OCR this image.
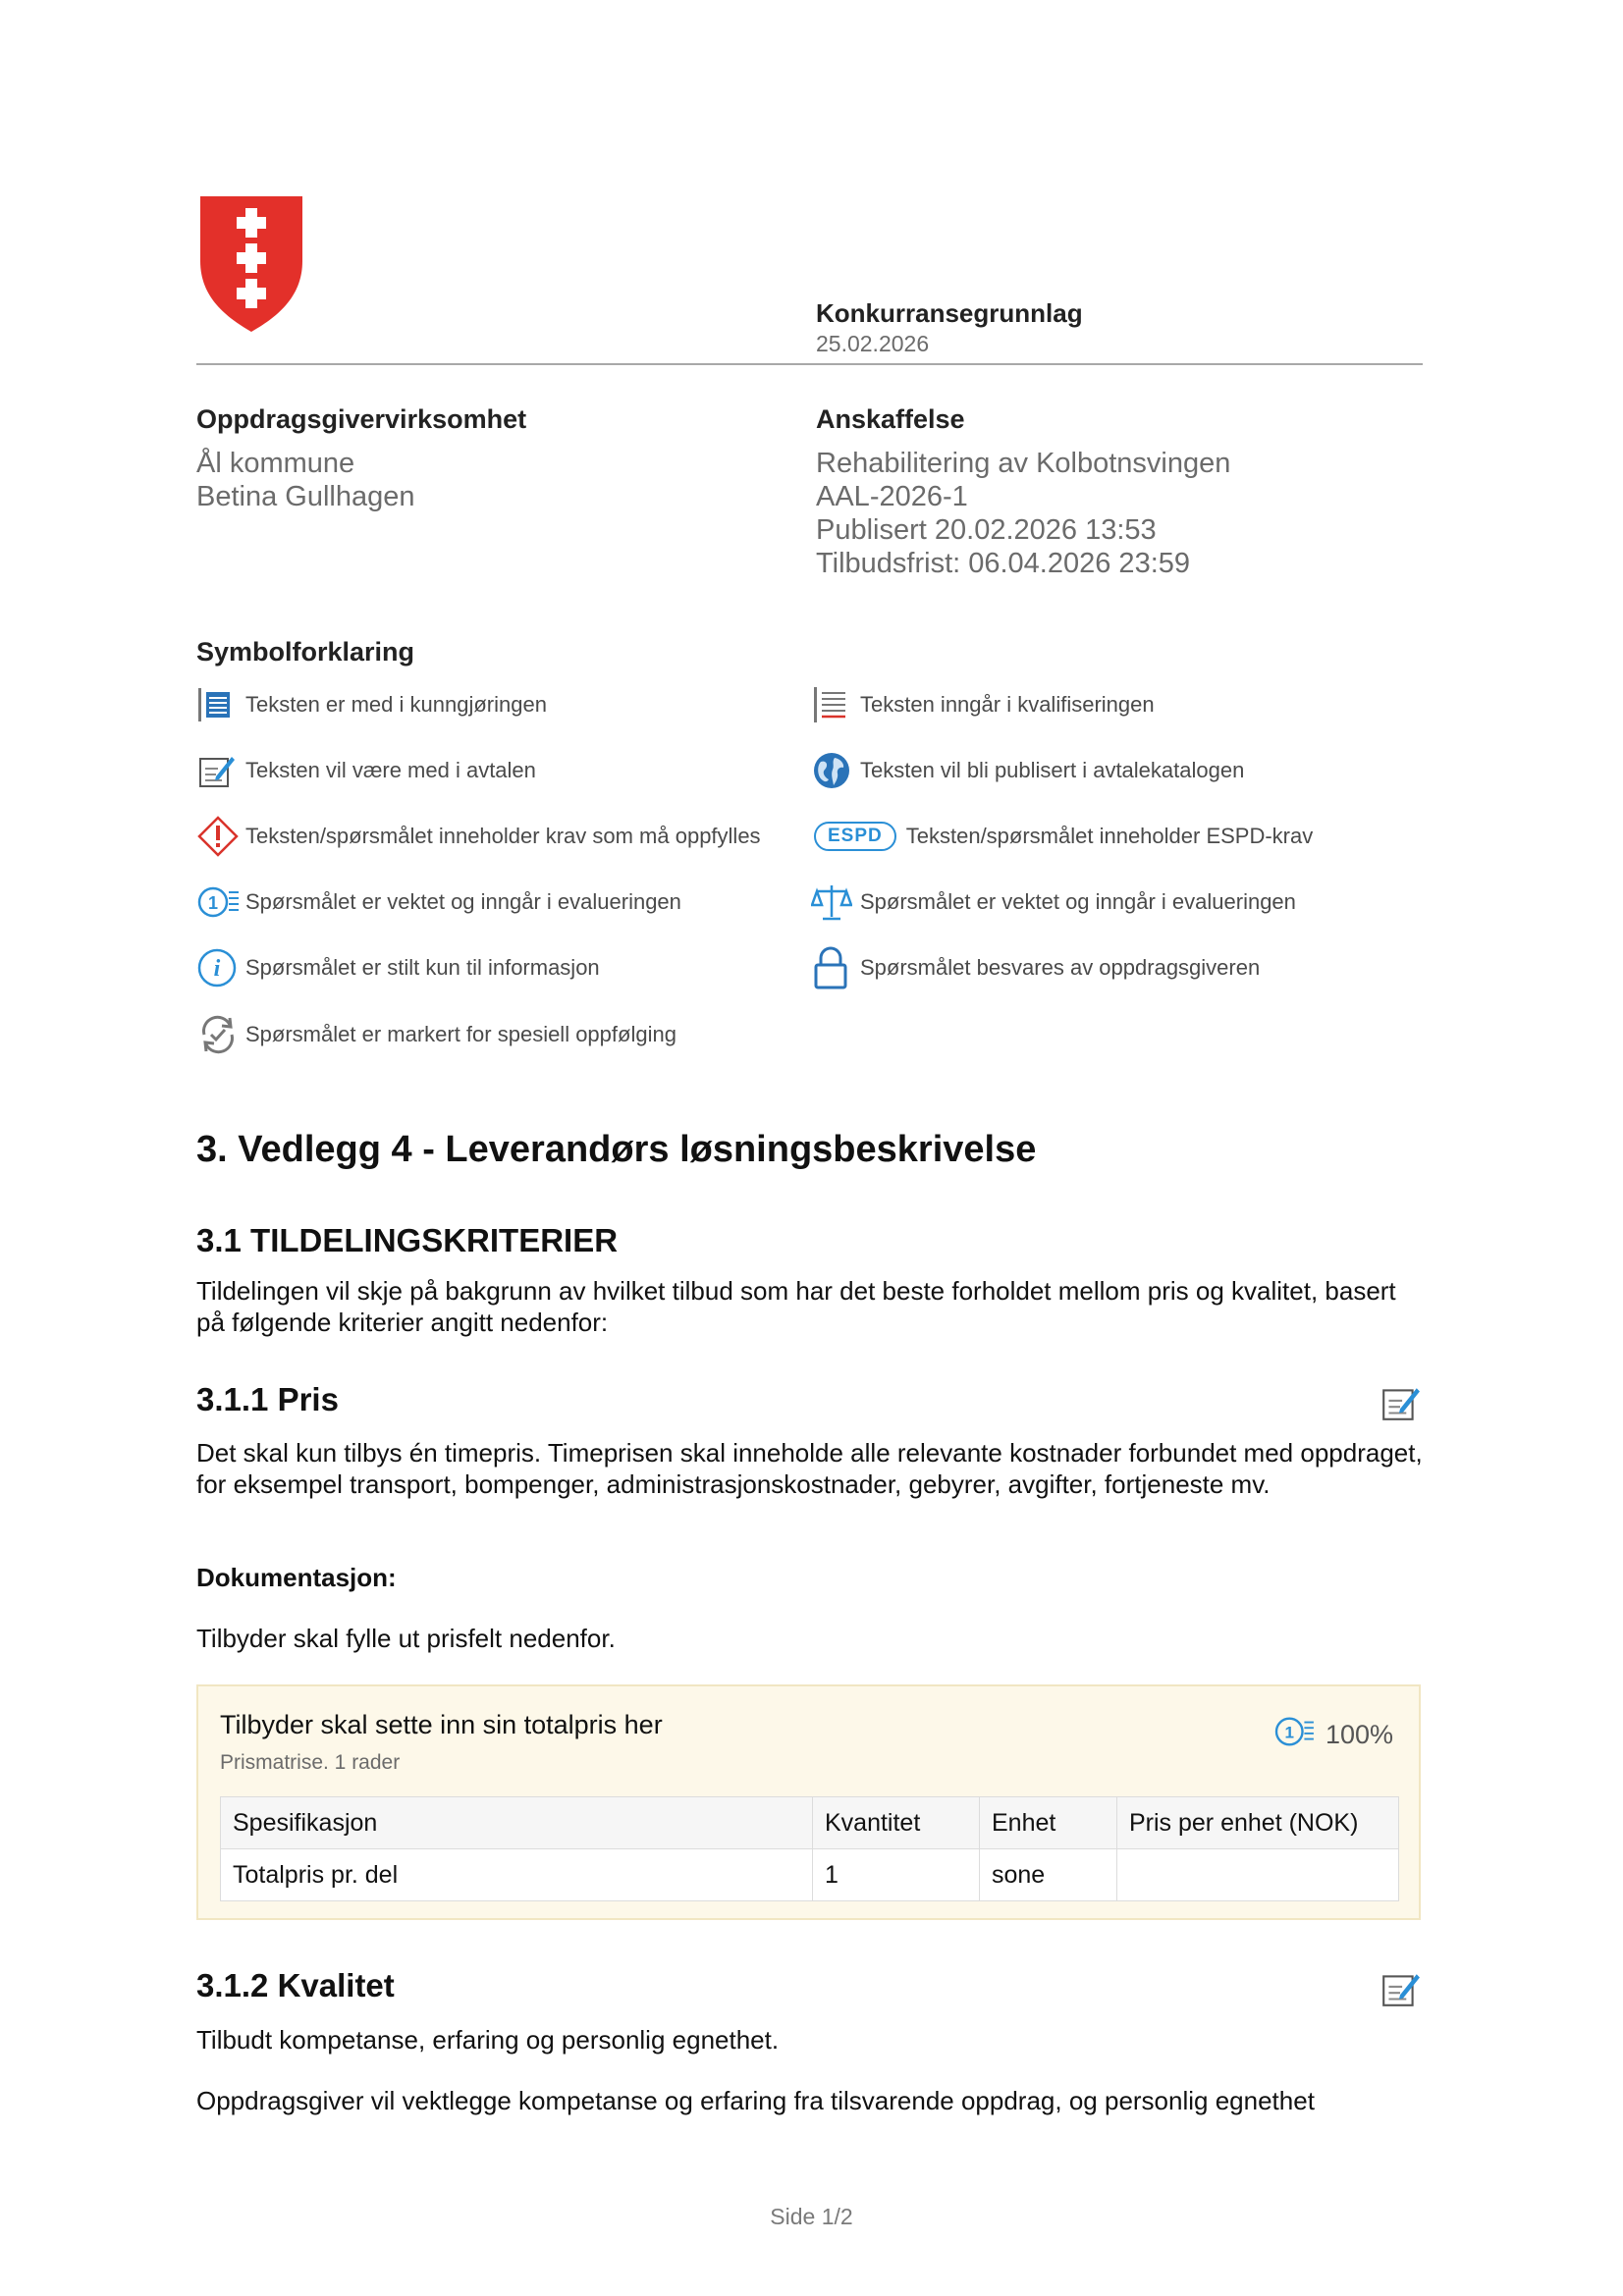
Konkurransegrunnlag
25.02.2026
Oppdragsgivervirksomhet
Ål kommune
Betina Gullhagen
Anskaffelse
Rehabilitering av Kolbotnsvingen
AAL-2026-1
Publisert 20.02.2026 13:53
Tilbudsfrist: 06.04.2026 23:59
Symbolforklaring
Teksten er med i kunngjøringen
Teksten vil være med i avtalen
Teksten/spørsmålet inneholder krav som må oppfylles
1 Spørsmålet er vektet og inngår i evalueringen
i Spørsmålet er stilt kun til informasjon
Spørsmålet er markert for spesiell oppfølging
Teksten inngår i kvalifiseringen
Teksten vil bli publisert i avtalekatalogen
ESPD	Teksten/spørsmålet inneholder ESPD-krav
Spørsmålet er vektet og inngår i evalueringen
Spørsmålet besvares av oppdragsgiveren
3. Vedlegg 4 - Leverandørs løsningsbeskrivelse
3.1 TILDELINGSKRITERIER
Tildelingen vil skje på bakgrunn av hvilket tilbud som har det beste forholdet mellom pris og kvalitet, basert på følgende kriterier angitt nedenfor:
3.1.1 Pris
Det skal kun tilbys én timepris. Timeprisen skal inneholde alle relevante kostnader forbundet med oppdraget, for eksempel transport, bompenger, administrasjonskostnader, gebyrer, avgifter, fortjeneste mv.
Dokumentasjon:
Tilbyder skal fylle ut prisfelt nedenfor.
Tilbyder skal sette inn sin totalpris her
Prismatrise. 1 rader
1 100%
Spesifikasjon	Kvantitet	Enhet	Pris per enhet (NOK)
Totalpris pr. del	1	sone	
3.1.2 Kvalitet
Tilbudt kompetanse, erfaring og personlig egnethet.
Oppdragsgiver vil vektlegge kompetanse og erfaring fra tilsvarende oppdrag, og personlig egnethet
Side 1/2
